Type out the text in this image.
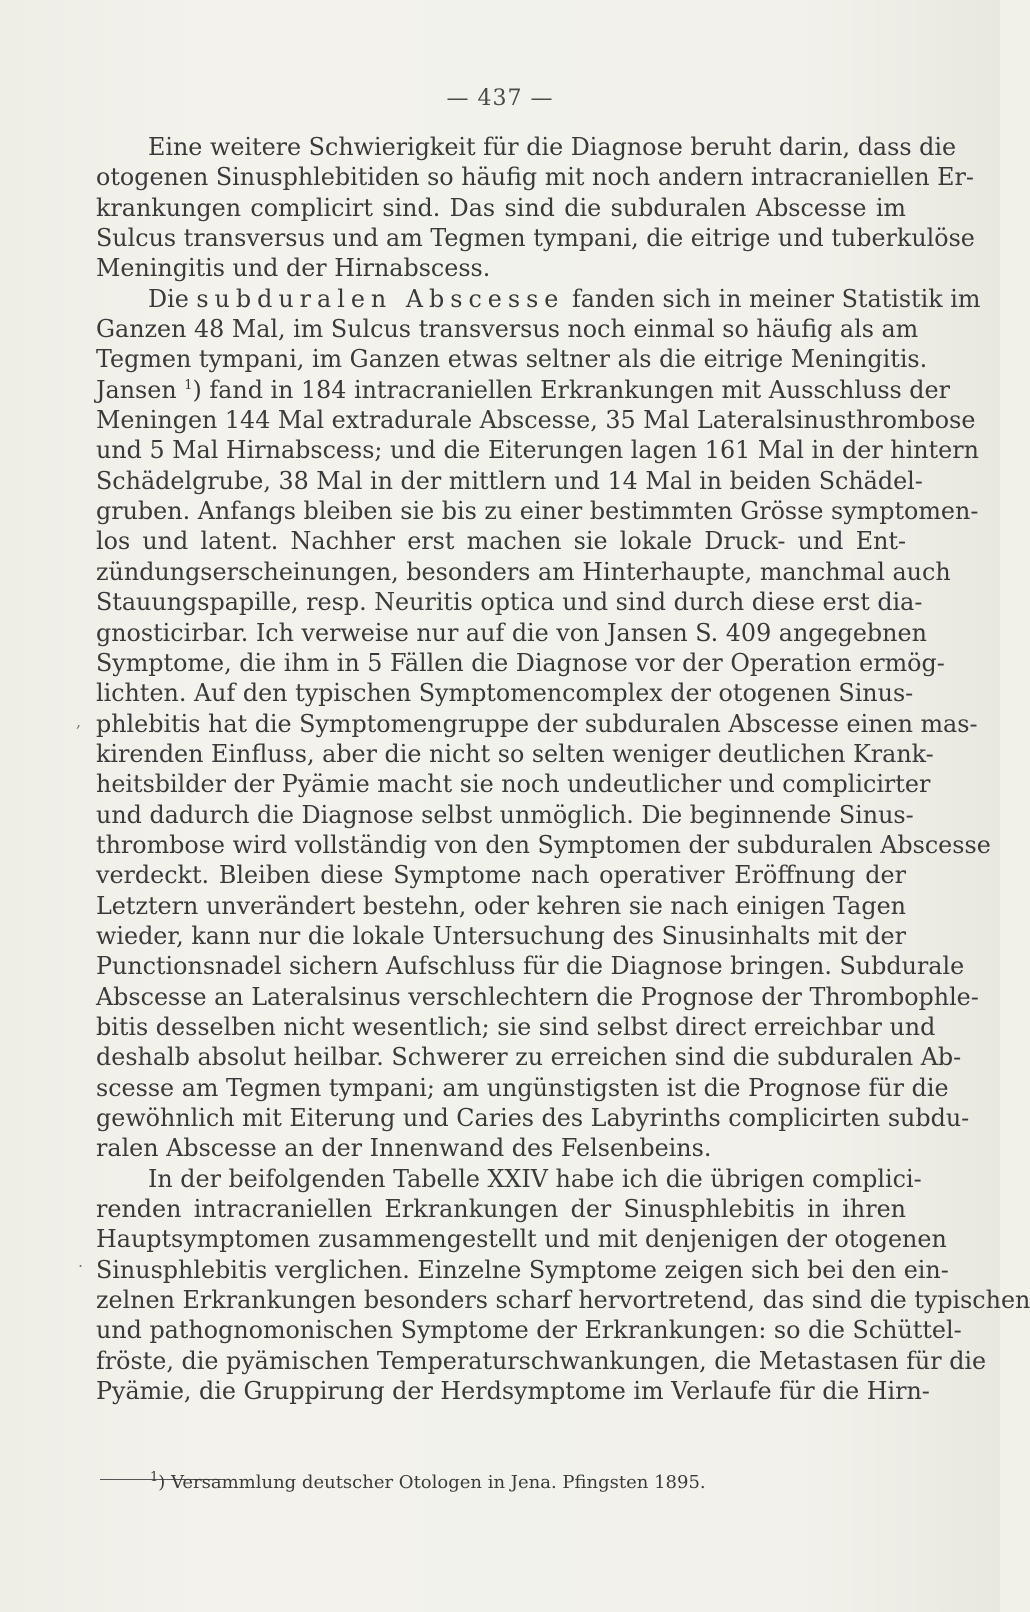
— 437 —
Eine weitere Schwierigkeit für die Diagnose beruht darin, dass die
otogenen Sinusphlebitiden so häufig mit noch andern intracraniellen Er-
krankungen complicirt sind. Das sind die subduralen Abscesse im
Sulcus transversus und am Tegmen tympani, die eitrige und tuberkulöse
Meningitis und der Hirnabscess.
Die subduralen Abscesse fanden sich in meiner Statistik im
Ganzen 48 Mal, im Sulcus transversus noch einmal so häufig als am
Tegmen tympani, im Ganzen etwas seltner als die eitrige Meningitis.
Jansen $^1$) fand in 184 intracraniellen Erkrankungen mit Ausschluss der
Meningen 144 Mal extradurale Abscesse, 35 Mal Lateralsinusthrombose
und 5 Mal Hirnabscess; und die Eiterungen lagen 161 Mal in der hintern
Schädelgrube, 38 Mal in der mittlern und 14 Mal in beiden Schädel-
gruben. Anfangs bleiben sie bis zu einer bestimmten Grösse symptomen-
los und latent. Nachher erst machen sie lokale Druck- und Ent-
zündungserscheinungen, besonders am Hinterhaupte, manchmal auch
Stauungspapille, resp. Neuritis optica und sind durch diese erst dia-
gnosticirbar. Ich verweise nur auf die von Jansen S. 409 angegebnen
Symptome, die ihm in 5 Fällen die Diagnose vor der Operation ermög-
lichten. Auf den typischen Symptomencomplex der otogenen Sinus-
phlebitis hat die Symptomengruppe der subduralen Abscesse einen mas-
kirenden Einfluss, aber die nicht so selten weniger deutlichen Krank-
heitsbilder der Pyämie macht sie noch undeutlicher und complicirter
und dadurch die Diagnose selbst unmöglich. Die beginnende Sinus-
thrombose wird vollständig von den Symptomen der subduralen Abscesse
verdeckt. Bleiben diese Symptome nach operativer Eröffnung der
Letztern unverändert bestehn, oder kehren sie nach einigen Tagen
wieder, kann nur die lokale Untersuchung des Sinusinhalts mit der
Punctionsnadel sichern Aufschluss für die Diagnose bringen. Subdurale
Abscesse an Lateralsinus verschlechtern die Prognose der Thrombophle-
bitis desselben nicht wesentlich; sie sind selbst direct erreichbar und
deshalb absolut heilbar. Schwerer zu erreichen sind die subduralen Ab-
scesse am Tegmen tympani; am ungünstigsten ist die Prognose für die
gewöhnlich mit Eiterung und Caries des Labyrinths complicirten subdu-
ralen Abscesse an der Innenwand des Felsenbeins.
In der beifolgenden Tabelle XXIV habe ich die übrigen complici-
renden intracraniellen Erkrankungen der Sinusphlebitis in ihren
Hauptsymptomen zusammengestellt und mit denjenigen der otogenen
Sinusphlebitis verglichen. Einzelne Symptome zeigen sich bei den ein-
zelnen Erkrankungen besonders scharf hervortretend, das sind die typischen
und pathognomonischen Symptome der Erkrankungen: so die Schüttel-
fröste, die pyämischen Temperaturschwankungen, die Metastasen für die
Pyämie, die Gruppirung der Herdsymptome im Verlaufe für die Hirn-
,
.
$^1$) Versammlung deutscher Otologen in Jena. Pfingsten 1895.
